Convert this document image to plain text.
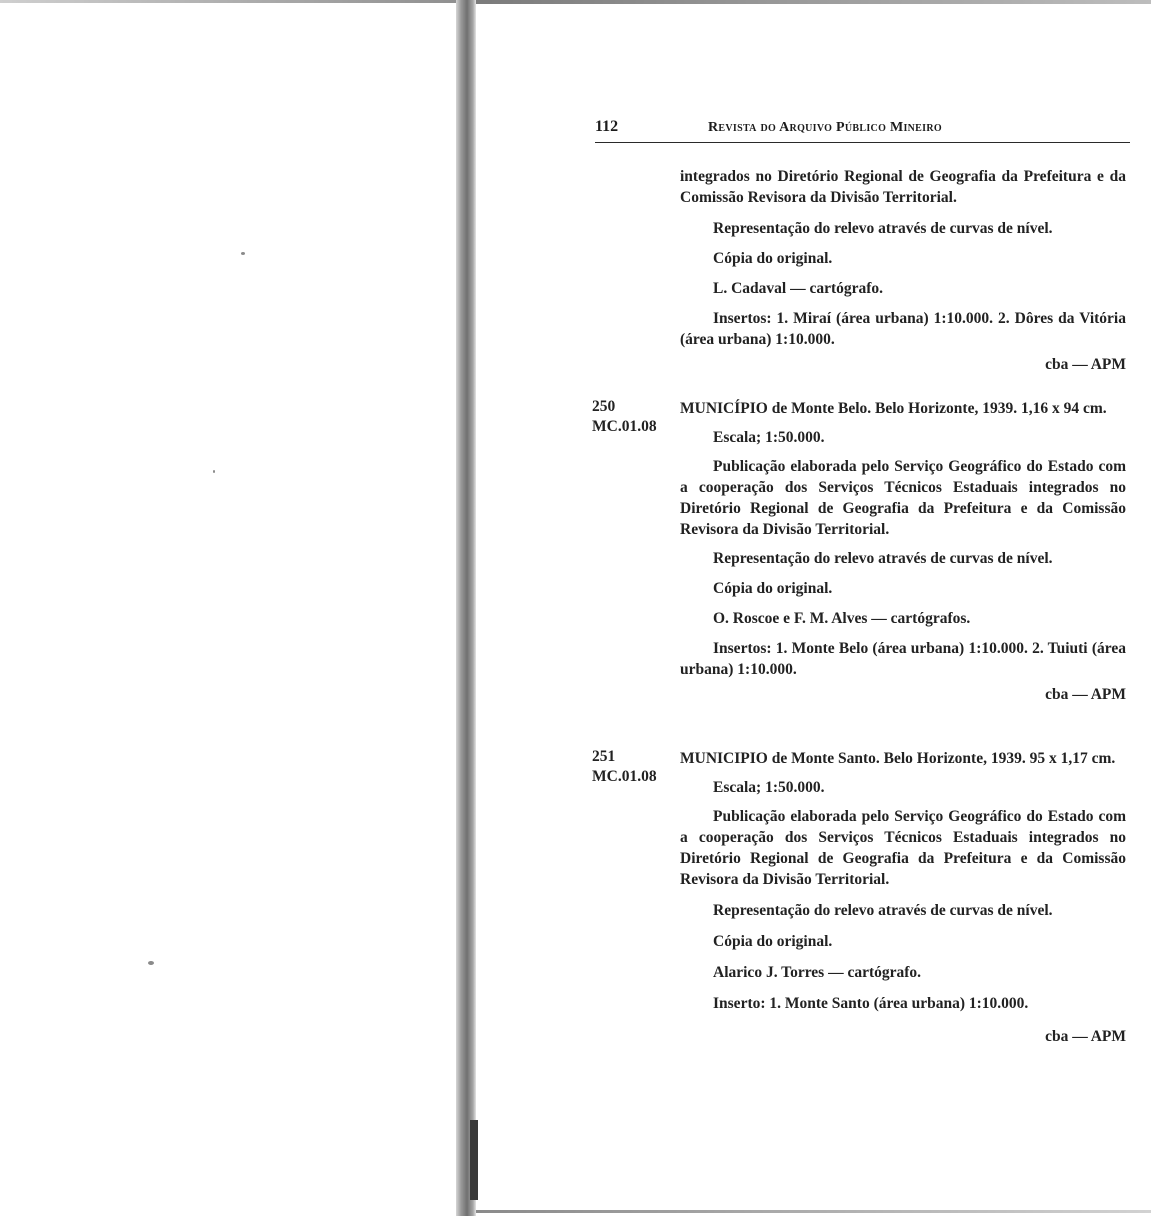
112	Revista do Arquivo Público Mineiro

integrados no Diretório Regional de Geografia da Prefeitura e da Comissão Revisora da Divisão Territorial.

Representação do relevo através de curvas de nível.

Cópia do original.

L. Cadaval — cartógrafo.

Insertos: 1. Miraí (área urbana) 1:10.000. 2. Dôres da Vitória (área urbana) 1:10.000.

cba — APM

250
MC.01.08

MUNICÍPIO de Monte Belo. Belo Horizonte, 1939. 1,16 x 94 cm.

Escala; 1:50.000.

Publicação elaborada pelo Serviço Geográfico do Estado com a cooperação dos Serviços Técnicos Estaduais integrados no Diretório Regional de Geografia da Prefeitura e da Comissão Revisora da Divisão Territorial.

Representação do relevo através de curvas de nível.

Cópia do original.

O. Roscoe e F. M. Alves — cartógrafos.

Insertos: 1. Monte Belo (área urbana) 1:10.000. 2. Tuiuti (área urbana) 1:10.000.

cba — APM

251
MC.01.08

MUNICIPIO de Monte Santo. Belo Horizonte, 1939. 95 x 1,17 cm.

Escala; 1:50.000.

Publicação elaborada pelo Serviço Geográfico do Estado com a cooperação dos Serviços Técnicos Estaduais integrados no Diretório Regional de Geografia da Prefeitura e da Comissão Revisora da Divisão Territorial.

Representação do relevo através de curvas de nível.

Cópia do original.

Alarico J. Torres — cartógrafo.

Inserto: 1. Monte Santo (área urbana) 1:10.000.

cba — APM
